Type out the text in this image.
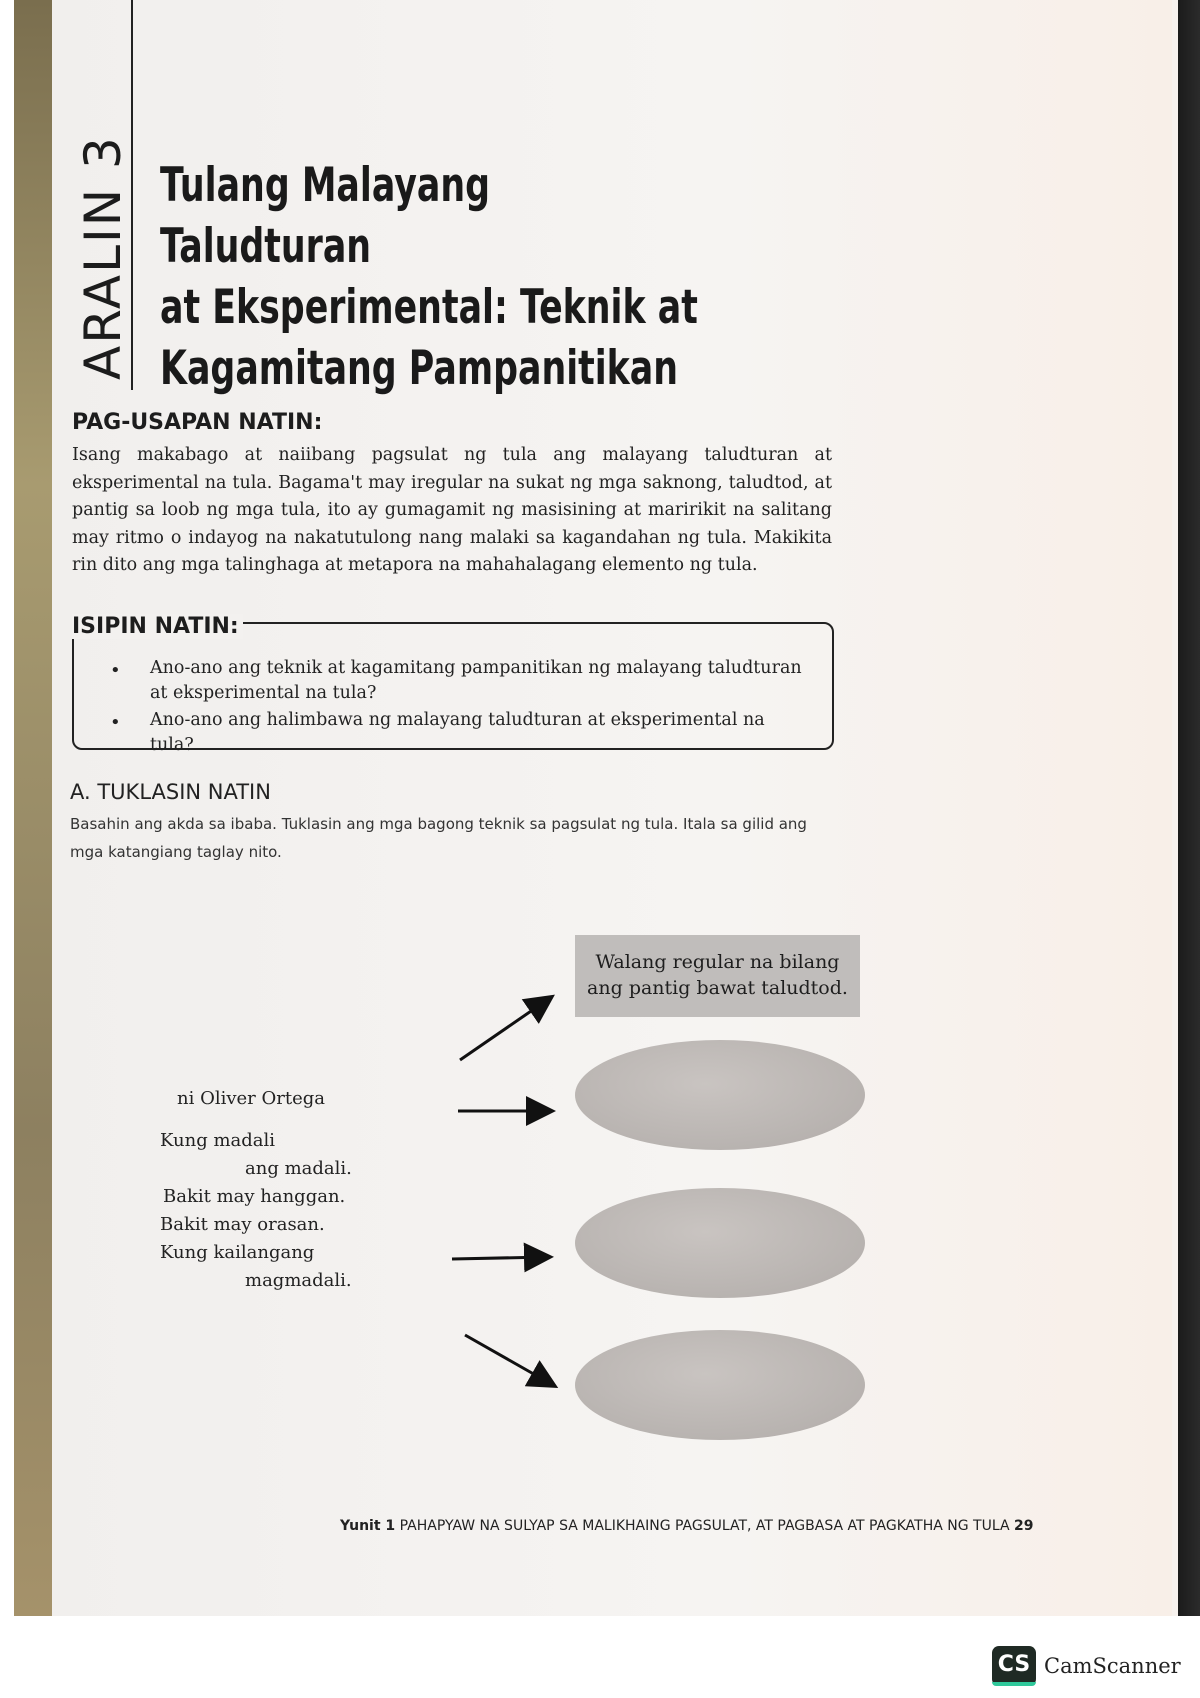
ARALIN 3 Tulang Malayang Taludturan
at Eksperimental: Teknik at
Kagamitang Pampanitikan
PAG-USAPAN NATIN:
Isang makabago at naiibang pagsulat ng tula ang malayang taludturan at eksperimental na tula. Bagama't may iregular na sukat ng mga saknong, taludtod, at pantig sa loob ng mga tula, ito ay gumagamit ng masisining at maririkit na salitang may ritmo o indayog na nakatutulong nang malaki sa kagandahan ng tula. Makikita rin dito ang mga talinghaga at metapora na mahahalagang elemento ng tula.
• Ano-ano ang teknik at kagamitang pampanitikan ng malayang taludturan at eksperimental na tula?
• Ano-ano ang halimbawa ng malayang taludturan at eksperimental na tula?
ISIPIN NATIN:
A. TUKLASIN NATIN
Basahin ang akda sa ibaba. Tuklasin ang mga bagong teknik sa pagsulat ng tula. Itala sa gilid ang mga katangiang taglay nito.
ni Oliver Ortega
Kung madali
ang madali.
Bakit may hanggan.
Bakit may orasan.
Kung kailangang
magmadali.
Walang regular na bilang ang pantig bawat taludtod.
Yunit 1 PAHAPYAW NA SULYAP SA MALIKHAING PAGSULAT, AT PAGBASA AT PAGKATHA NG TULA 29
CS CamScanner
